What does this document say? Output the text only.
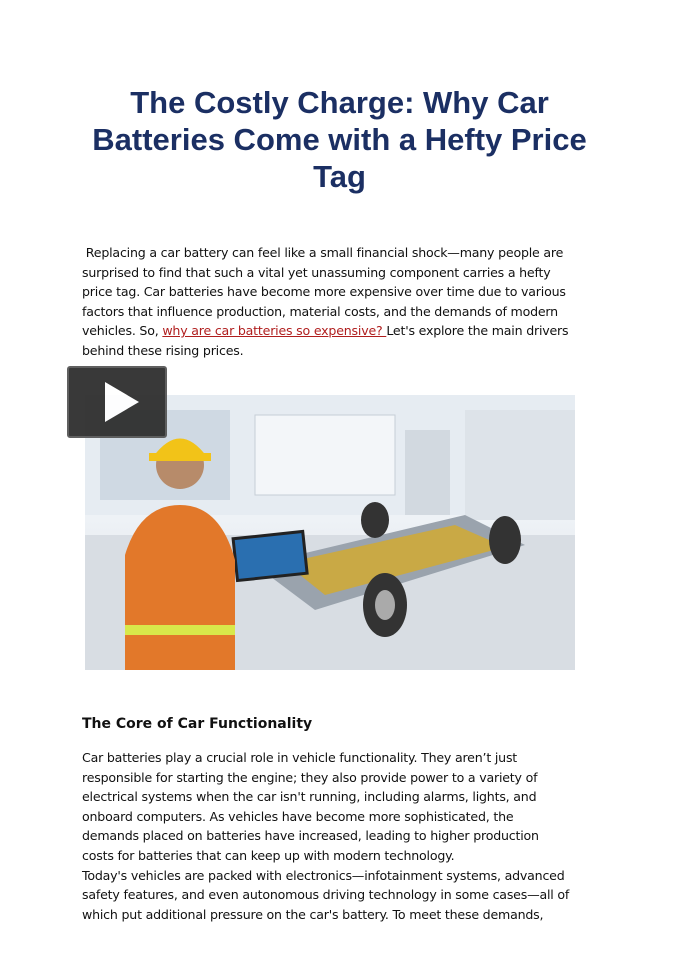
The Costly Charge: Why Car
Batteries Come with a Hefty Price
Tag
Replacing a car battery can feel like a small financial shock—many people are
surprised to find that such a vital yet unassuming component carries a hefty
price tag. Car batteries have become more expensive over time due to various
factors that influence production, material costs, and the demands of modern
vehicles. So, why are car batteries so expensive? Let's explore the main drivers
behind these rising prices.
The Core of Car Functionality
Car batteries play a crucial role in vehicle functionality. They aren’t just
responsible for starting the engine; they also provide power to a variety of
electrical systems when the car isn't running, including alarms, lights, and
onboard computers. As vehicles have become more sophisticated, the
demands placed on batteries have increased, leading to higher production
costs for batteries that can keep up with modern technology.
Today's vehicles are packed with electronics—infotainment systems, advanced
safety features, and even autonomous driving technology in some cases—all of
which put additional pressure on the car's battery. To meet these demands,
